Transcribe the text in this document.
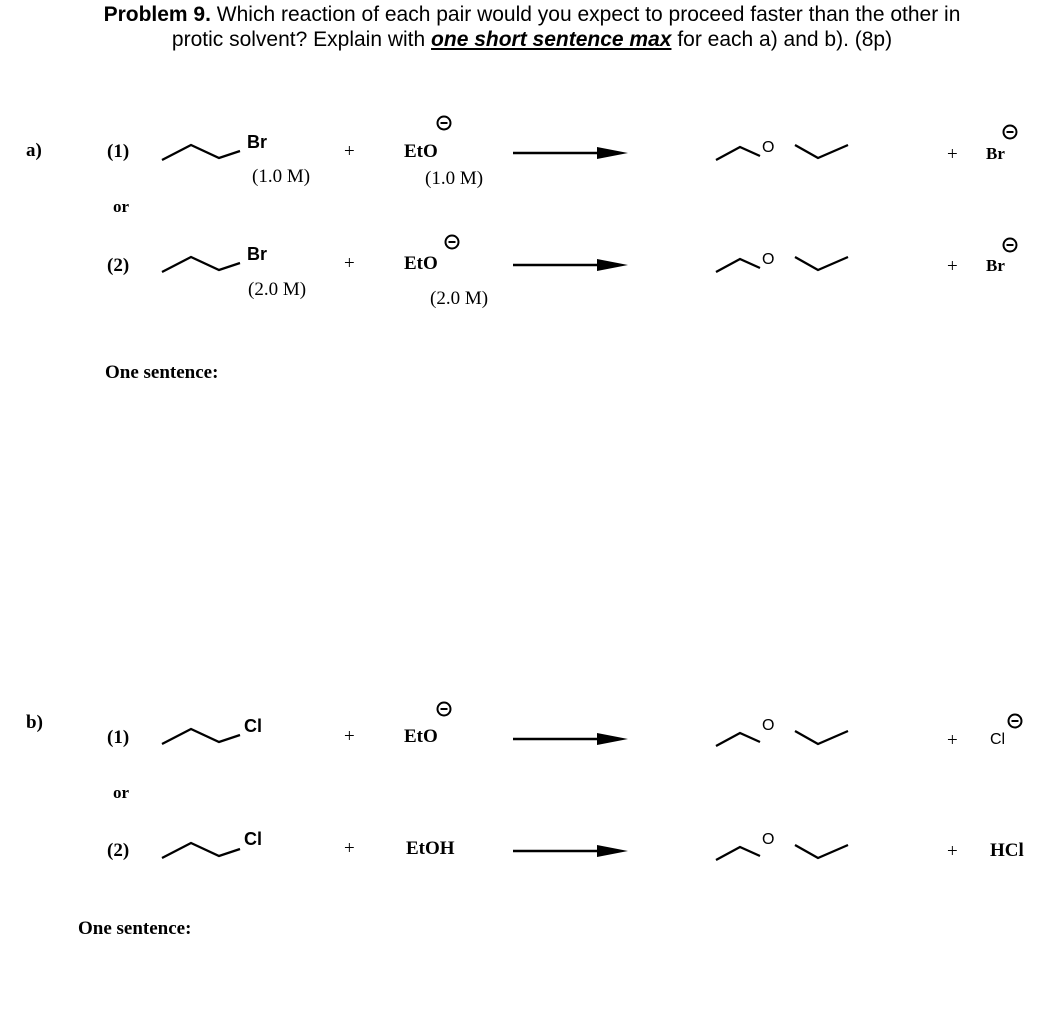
Problem 9. Which reaction of each pair would you expect to proceed faster than the other in
protic solvent? Explain with one short sentence max for each a) and b). (8p)
a)	(1)	Br
(1.0 M)
+	EtO
(1.0 M)
O	+ Br
or
(2)
Br
(2.0 M)
+	EtO
(2.0 M)
O	+ Br
One sentence:
b)
(1)
Cl	+	EtO
O
+ Cl
or
(2)
Cl	+	EtOH	O
+ HCl
One sentence:
